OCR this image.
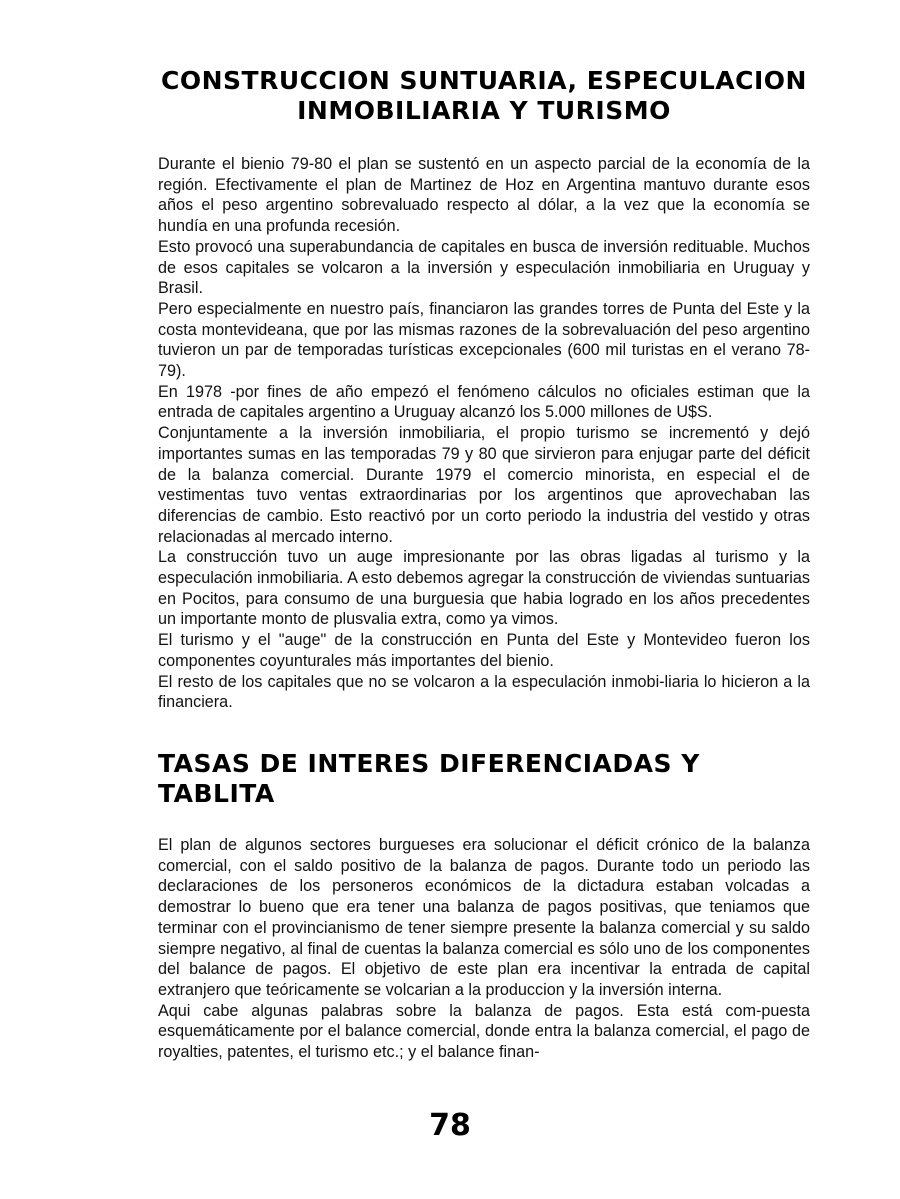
CONSTRUCCION SUNTUARIA, ESPECULACION
INMOBILIARIA Y TURISMO

Durante el bienio 79-80 el plan se sustentó en un aspecto parcial de la economía de la región. Efectivamente el plan de Martinez de Hoz en Argentina mantuvo durante esos años el peso argentino sobrevaluado respecto al dólar, a la vez que la economía se hundía en una profunda recesión.

Esto provocó una superabundancia de capitales en busca de inversión redituable. Muchos de esos capitales se volcaron a la inversión y especulación inmobiliaria en Uruguay y Brasil.

Pero especialmente en nuestro país, financiaron las grandes torres de Punta del Este y la costa montevideana, que por las mismas razones de la sobrevaluación del peso argentino tuvieron un par de temporadas turísticas excepcionales (600 mil turistas en el verano 78-79).

En 1978 -por fines de año empezó el fenómeno cálculos no oficiales estiman que la entrada de capitales argentino a Uruguay alcanzó los 5.000 millones de U$S.

Conjuntamente a la inversión inmobiliaria, el propio turismo se incrementó y dejó importantes sumas en las temporadas 79 y 80 que sirvieron para enjugar parte del déficit de la balanza comercial. Durante 1979 el comercio minorista, en especial el de vestimentas tuvo ventas extraordinarias por los argentinos que aprovechaban las diferencias de cambio. Esto reactivó por un corto periodo la industria del vestido y otras relacionadas al mercado interno.

La construcción tuvo un auge impresionante por las obras ligadas al turismo y la especulación inmobiliaria. A esto debemos agregar la construcción de viviendas suntuarias en Pocitos, para consumo de una burguesia que habia logrado en los años precedentes un importante monto de plusvalia extra, como ya vimos.

El turismo y el "auge" de la construcción en Punta del Este y Montevideo fueron los componentes coyunturales más importantes del bienio.

El resto de los capitales que no se volcaron a la especulación inmobi-liaria lo hicieron a la financiera.

TASAS DE INTERES DIFERENCIADAS Y TABLITA

El plan de algunos sectores burgueses era solucionar el déficit crónico de la balanza comercial, con el saldo positivo de la balanza de pagos. Durante todo un periodo las declaraciones de los personeros económicos de la dictadura estaban volcadas a demostrar lo bueno que era tener una balanza de pagos positivas, que teniamos que terminar con el provincianismo de tener siempre presente la balanza comercial y su saldo siempre negativo, al final de cuentas la balanza comercial es sólo uno de los componentes del balance de pagos. El objetivo de este plan era incentivar la entrada de capital extranjero que teóricamente se volcarian a la produccion y la inversión interna.

Aqui cabe algunas palabras sobre la balanza de pagos. Esta está com-puesta esquemáticamente por el balance comercial, donde entra la balanza comercial, el pago de royalties, patentes, el turismo etc.; y el balance finan-

78
